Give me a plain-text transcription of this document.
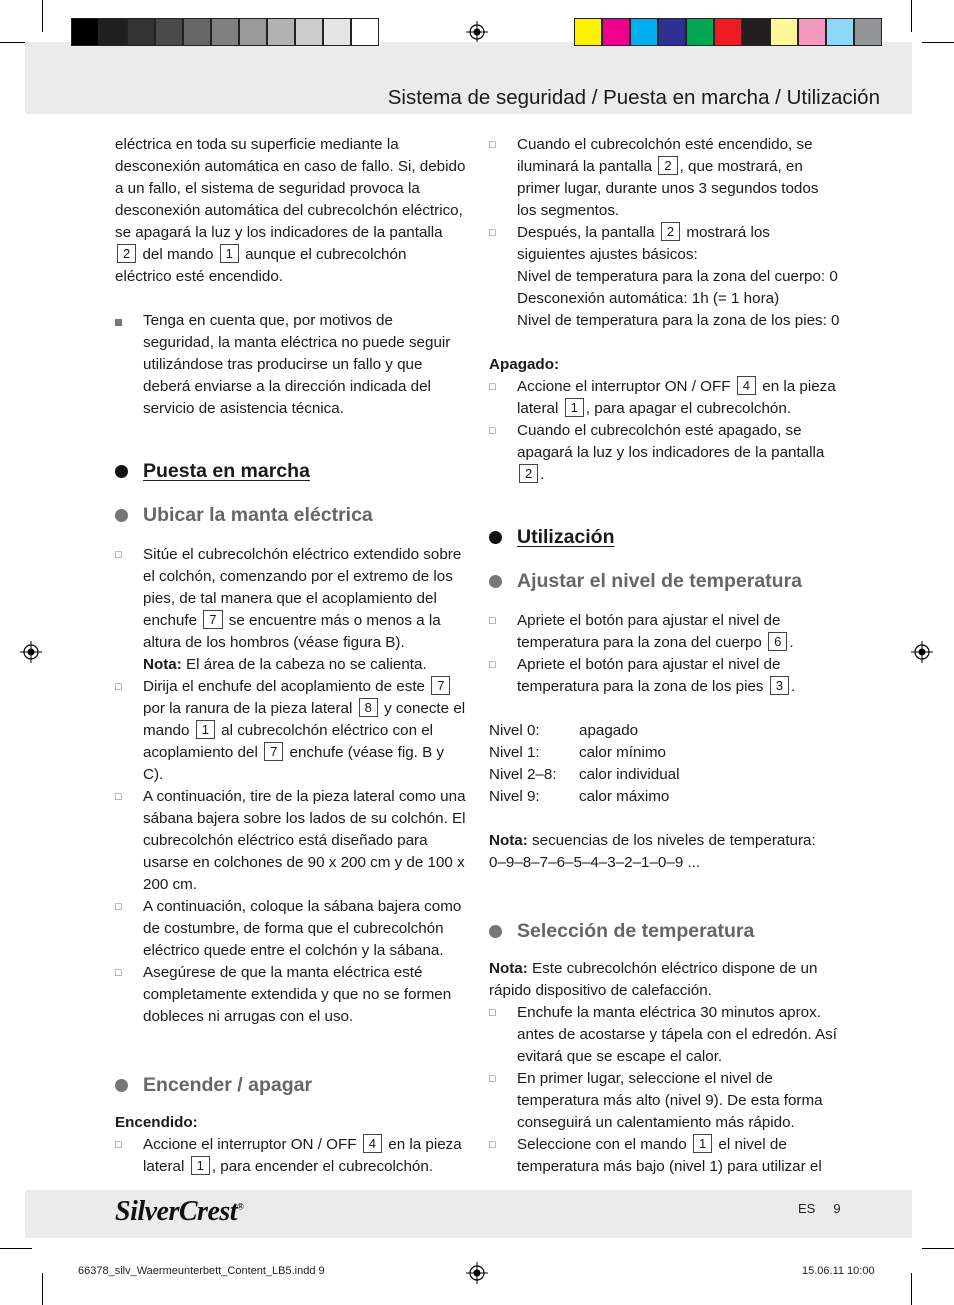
Sistema de seguridad / Puesta en marcha / Utilización

eléctrica en toda su superficie mediante la desconexión automática en caso de fallo. Si, debido a un fallo, el sistema de seguridad provoca la desconexión automática del cubrecolchón eléctrico, se apagará la luz y los indicadores de la pantalla 2 del mando 1 aunque el cubrecolchón eléctrico esté encendido.

Tenga en cuenta que, por motivos de seguridad, la manta eléctrica no puede seguir utilizándose tras producirse un fallo y que deberá enviarse a la dirección indicada del servicio de asistencia técnica.

Puesta en marcha
Ubicar la manta eléctrica

□ Sitúe el cubrecolchón eléctrico extendido sobre el colchón, comenzando por el extremo de los pies, de tal manera que el acoplamiento del enchufe 7 se encuentre más o menos a la altura de los hombros (véase figura B).
Nota: El área de la cabeza no se calienta.

□ Dirija el enchufe del acoplamiento de este 7 por la ranura de la pieza lateral 8 y conecte el mando 1 al cubrecolchón eléctrico con el acoplamiento del 7 enchufe (véase fig. B y C).

□ A continuación, tire de la pieza lateral como una sábana bajera sobre los lados de su colchón. El cubrecolchón eléctrico está diseñado para usarse en colchones de 90 x 200 cm y de 100 x 200 cm.

□ A continuación, coloque la sábana bajera como de costumbre, de forma que el cubrecolchón eléctrico quede entre el colchón y la sábana.

□ Asegúrese de que la manta eléctrica esté completamente extendida y que no se formen dobleces ni arrugas con el uso.

Encender / apagar

Encendido:

□ Accione el interruptor ON / OFF 4 en la pieza lateral 1 , para encender el cubrecolchón.

□ Cuando el cubrecolchón esté encendido, se iluminará la pantalla 2 , que mostrará, en primer lugar, durante unos 3 segundos todos los segmentos.

□ Después, la pantalla 2 mostrará los siguientes ajustes básicos:
Nivel de temperatura para la zona del cuerpo: 0
Desconexión automática: 1h (= 1 hora)
Nivel de temperatura para la zona de los pies: 0

Apagado:

□ Accione el interruptor ON / OFF 4 en la pieza lateral 1 , para apagar el cubrecolchón.

□ Cuando el cubrecolchón esté apagado, se apagará la luz y los indicadores de la pantalla 2 .

Utilización
Ajustar el nivel de temperatura

□ Apriete el botón para ajustar el nivel de temperatura para la zona del cuerpo 6 .

□ Apriete el botón para ajustar el nivel de temperatura para la zona de los pies 3 .

Nivel 0:	apagado
Nivel 1:	calor mínimo
Nivel 2–8:	calor individual
Nivel 9:	calor máximo

Nota: secuencias de los niveles de temperatura:
0–9–8–7–6–5–4–3–2–1–0–9 ...

Selección de temperatura

Nota: Este cubrecolchón eléctrico dispone de un rápido dispositivo de calefacción.

□ Enchufe la manta eléctrica 30 minutos aprox. antes de acostarse y tápela con el edredón. Así evitará que se escape el calor.

□ En primer lugar, seleccione el nivel de temperatura más alto (nivel 9). De esta forma conseguirá un calentamiento más rápido.

□ Seleccione con el mando 1 el nivel de temperatura más bajo (nivel 1) para utilizar el

SilverCrest®	ES 9
66378_silv_Waermeunterbett_Content_LB5.indd 9	15.06.11 10:00
